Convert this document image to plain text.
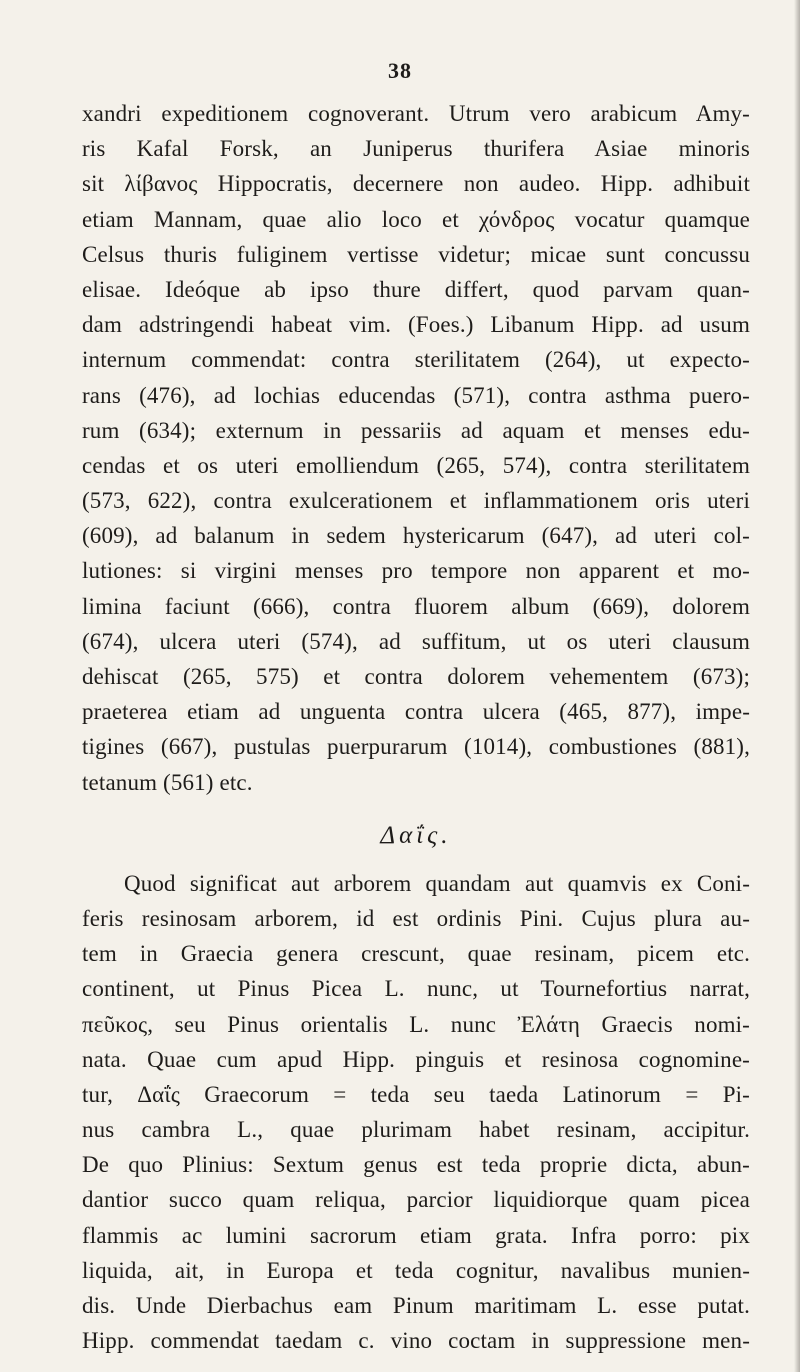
38
xandri expeditionem cognoverant. Utrum vero arabicum Amy-
ris Kafal Forsk, an Juniperus thurifera Asiae minoris
sit λίβανος Hippocratis, decernere non audeo. Hipp. adhibuit
etiam Mannam, quae alio loco et χόνδρος vocatur quamque
Celsus thuris fuliginem vertisse videtur; micae sunt concussu
elisae. Ideóque ab ipso thure differt, quod parvam quan-
dam adstringendi habeat vim. (Foes.) Libanum Hipp. ad usum
internum commendat: contra sterilitatem (264), ut expecto-
rans (476), ad lochias educendas (571), contra asthma puero-
rum (634); externum in pessariis ad aquam et menses edu-
cendas et os uteri emolliendum (265, 574), contra sterilitatem
(573, 622), contra exulcerationem et inflammationem oris uteri
(609), ad balanum in sedem hystericarum (647), ad uteri col-
lutiones: si virgini menses pro tempore non apparent et mo-
limina faciunt (666), contra fluorem album (669), dolorem
(674), ulcera uteri (574), ad suffitum, ut os uteri clausum
dehiscat (265, 575) et contra dolorem vehementem (673);
praeterea etiam ad unguenta contra ulcera (465, 877), impe-
tigines (667), pustulas puerpurarum (1014), combustiones (881),
tetanum (561) etc.
Δαΐς.
Quod significat aut arborem quandam aut quamvis ex Coni-
feris resinosam arborem, id est ordinis Pini. Cujus plura au-
tem in Graecia genera crescunt, quae resinam, picem etc.
continent, ut Pinus Picea L. nunc, ut Tournefortius narrat,
πεῦκος, seu Pinus orientalis L. nunc Ἐλάτη Graecis nomi-
nata. Quae cum apud Hipp. pinguis et resinosa cognomine-
tur, Δαΐς Graecorum = teda seu taeda Latinorum = Pi-
nus cambra L., quae plurimam habet resinam, accipitur.
De quo Plinius: Sextum genus est teda proprie dicta, abun-
dantior succo quam reliqua, parcior liquidiorque quam picea
flammis ac lumini sacrorum etiam grata. Infra porro: pix
liquida, ait, in Europa et teda cognitur, navalibus munien-
dis. Unde Dierbachus eam Pinum maritimam L. esse putat.
Hipp. commendat taedam c. vino coctam in suppressione men-
